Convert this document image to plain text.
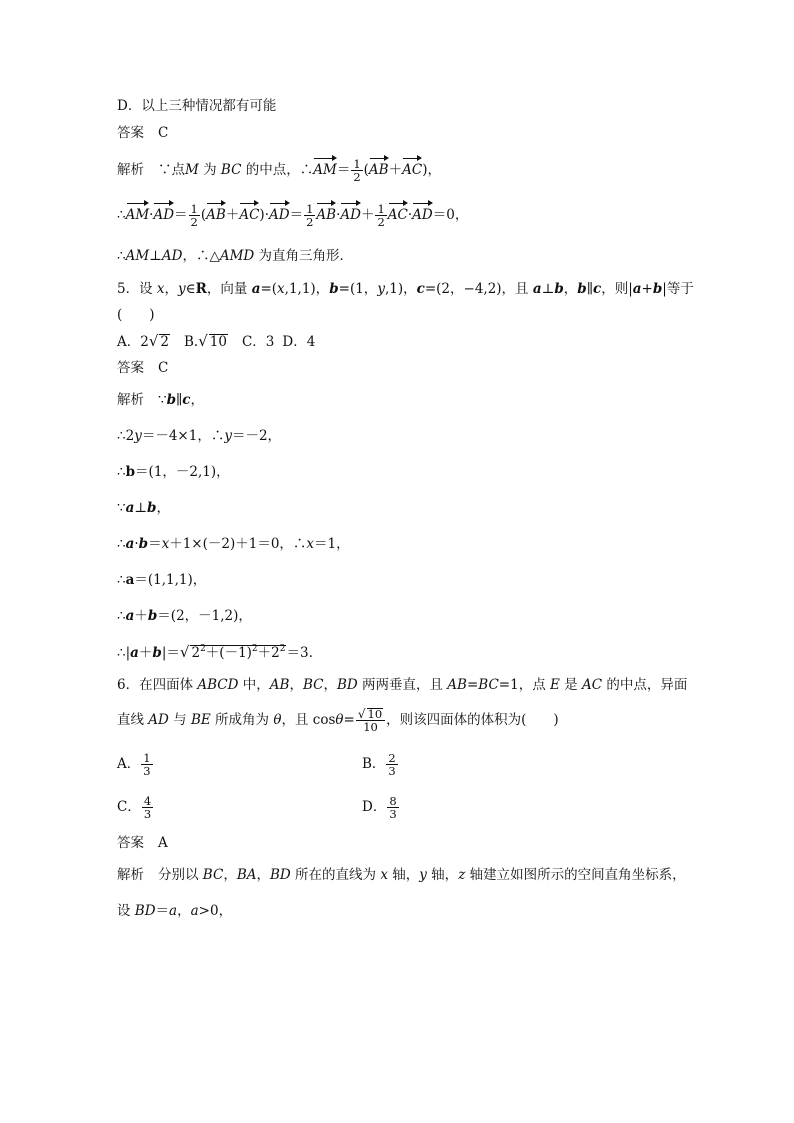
D．以上三种情况都有可能
答案 C
解析 ∵点M 为 BC 的中点，∴AM＝ $\frac{1}{2} (AB+AC)$，
∴AM·AD＝ $\frac{1}{2} (AB+AC)\cdot AD= \frac{1}{2} AB\cdot AD+ \frac{1}{2} AC\cdot AD=0$，
∴AM⊥AD，∴△AMD 为直角三角形．
5．设 x，y∈R，向量 a=(x,1,1)，b=(1，y,1)，c=(2，−4,2)，且 a⊥b，b∥c，则|a+b|等于
(　　)
A．2√ 2 B.√ 10 C．3 D．4
答案 C
解析 ∵b∥c，
∴2y＝－4×1，∴y＝－2，
∴b＝(1，－2,1)，
∵a⊥b，
∴a·b＝x＋1×(－2)＋1＝0，∴x＝1，
∴a＝(1,1,1)，
∴a＋b＝(2，－1,2)，
∴|a＋b|＝√ $2^2+(-1)^2+2^2=3$.
6．在四面体 ABCD 中，AB，BC，BD 两两垂直，且 AB=BC=1，点 E 是 AC 的中点，异面
直线 AD 与 BE 所成角为 θ，且 $\cos\theta= \frac{√ 10}{10}$ ，则该四面体的体积为(　　)
A． $\frac{1}{3}$	B． $\frac{2}{3}$
C． $\frac{4}{3}$	D． $\frac{8}{3}$
答案 A
解析 分别以 BC，BA，BD 所在的直线为 x 轴，y 轴，z 轴建立如图所示的空间直角坐标系，
设 BD＝a，a>0，
